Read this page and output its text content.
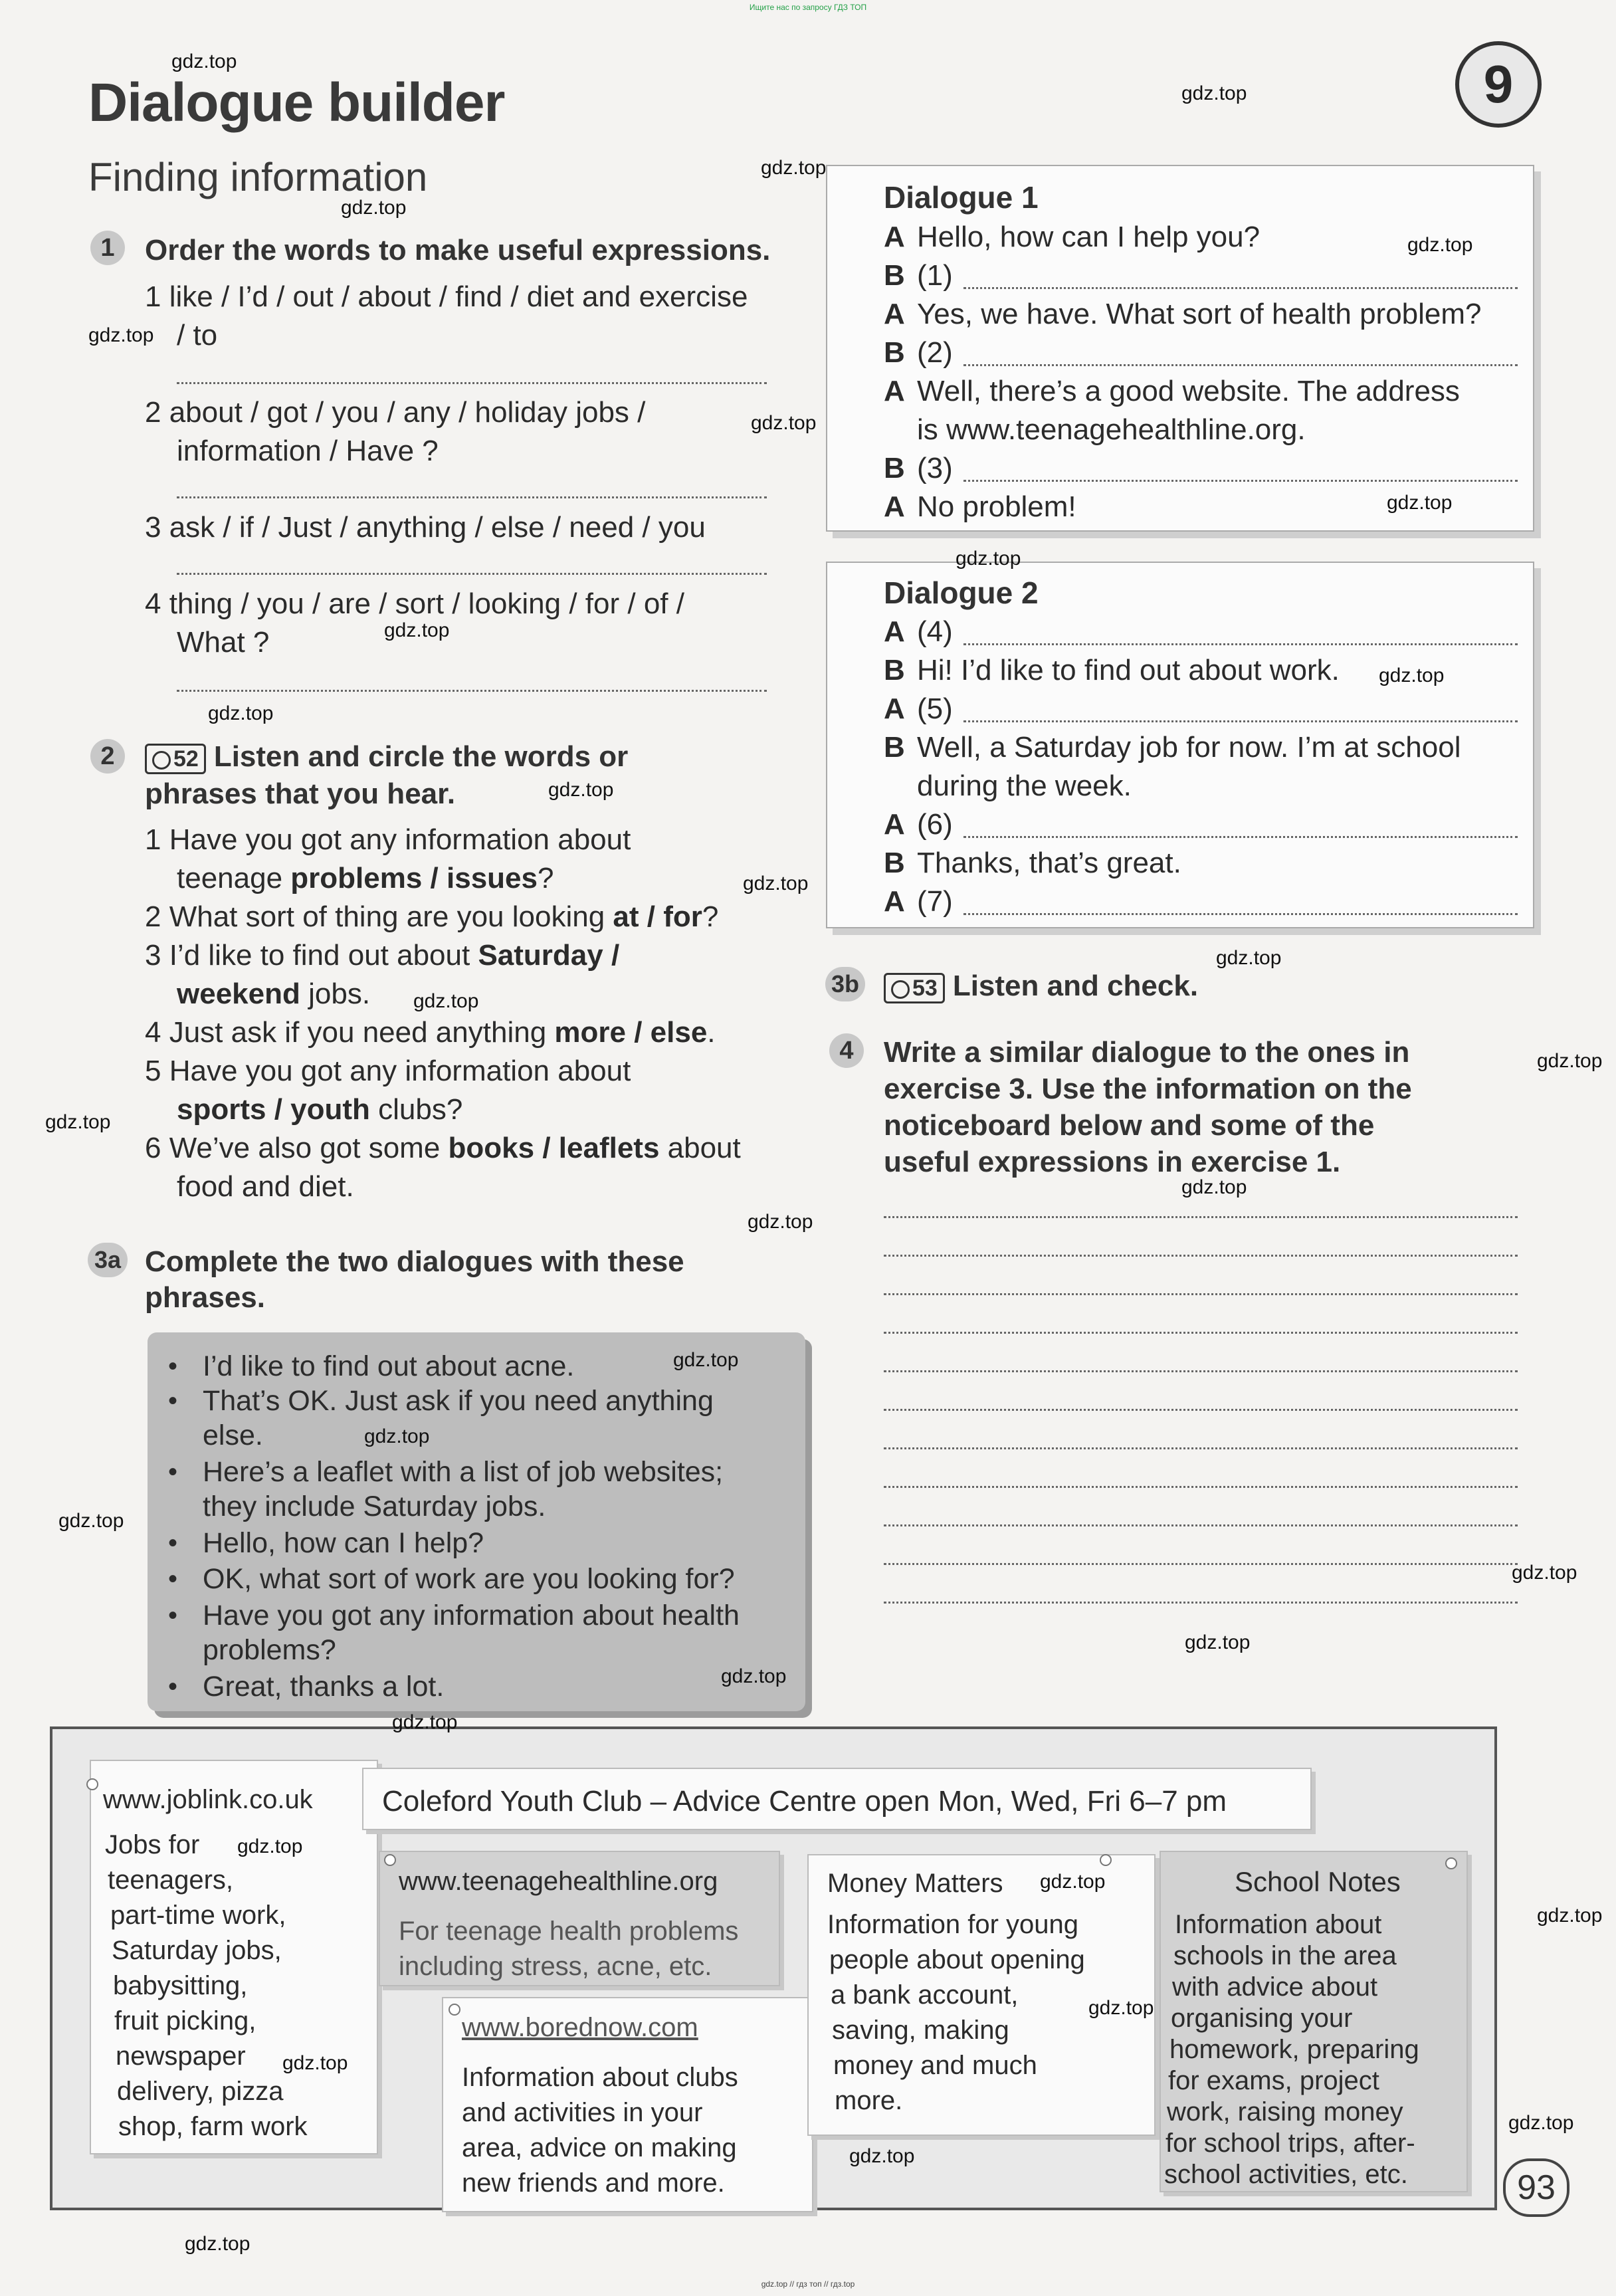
Ищите нас по запросу ГДЗ ТОП
Dialogue builder
Finding information
9
1	Order the words to make useful expressions.
1 like / I’d / out / about / find / diet and exercise
/ to
2 about / got / you / any / holiday jobs /
information / Have ?
3 ask / if / Just / anything / else / need / you
4 thing / you / are / sort / looking / for / of /
What ?
2	52 Listen and circle the words or
phrases that you hear.
1 Have you got any information about
teenage problems / issues?
2 What sort of thing are you looking at / for?
3 I’d like to find out about Saturday /
weekend jobs.
4 Just ask if you need anything more / else.
5 Have you got any information about
sports / youth clubs?
6 We’ve also got some books / leaflets about
food and diet.
3a Complete the two dialogues with these
phrases.
• I’d like to find out about acne.
• That’s OK. Just ask if you need anything
else.
• Here’s a leaflet with a list of job websites;
they include Saturday jobs.
• Hello, how can I help?
• OK, what sort of work are you looking for?
• Have you got any information about health
problems?
• Great, thanks a lot.
Dialogue 1
A Hello, how can I help you?
B (1)
A Yes, we have. What sort of health problem?
B (2)
A Well, there’s a good website. The address
is www.teenagehealthline.org.
B (3)
A No problem!
Dialogue 2
A (4)
B Hi! I’d like to find out about work.
A (5)
B Well, a Saturday job for now. I’m at school
during the week.
A (6)
B Thanks, that’s great.
A (7)
3b	53 Listen and check.
4	Write a similar dialogue to the ones in
exercise 3. Use the information on the
noticeboard below and some of the
useful expressions in exercise 1.
www.joblink.co.uk
Jobs for
teenagers,
part-time work,
Saturday jobs,
babysitting,
fruit picking,
newspaper
delivery, pizza
shop, farm work
Coleford Youth Club – Advice Centre open Mon, Wed, Fri 6–7 pm
www.teenagehealthline.org
For teenage health problems
including stress, acne, etc.
www.borednow.com
Information about clubs
and activities in your
area, advice on making
new friends and more.
Money Matters
Information for young
people about opening
a bank account,
saving, making
money and much
more.
School Notes
Information about
schools in the area
with advice about
organising your
homework, preparing
for exams, project
work, raising money
for school trips, after-
school activities, etc.	93
gdz.top
gdz.top
gdz.top
gdz.top
gdz.top
gdz.top
gdz.top
gdz.top
gdz.top
gdz.top
gdz.top
gdz.top
gdz.top
gdz.top
gdz.top
gdz.top
gdz.top
gdz.top
gdz.top
gdz.top
gdz.top
gdz.top
gdz.top
gdz.top
gdz.top
gdz.top
gdz.top
gdz.top
gdz.top
gdz.top
gdz.top
gdz.top
gdz.top
gdz.top
gdz.top
gdz.top // гдз топ // гдз.top
